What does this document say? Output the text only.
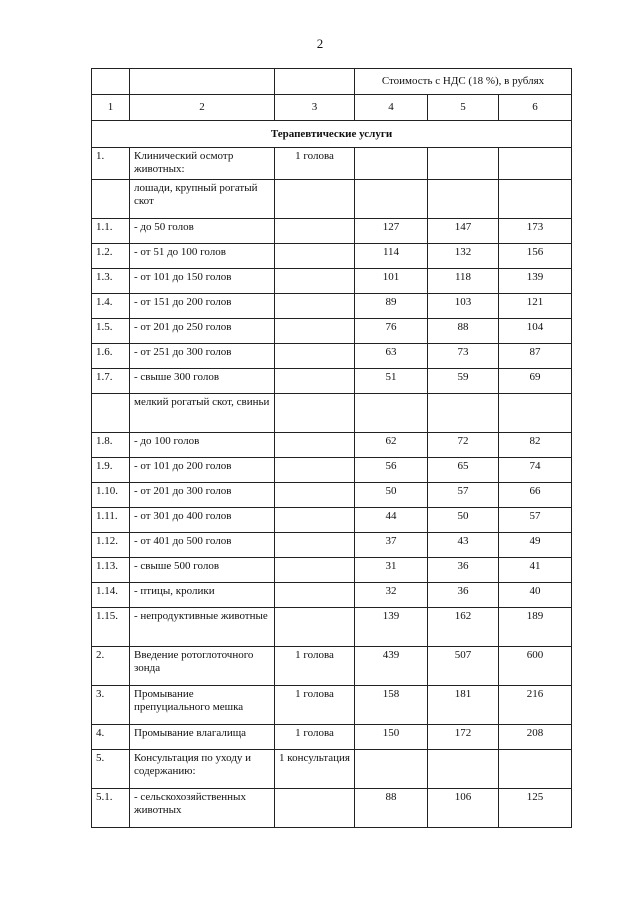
2
			Стоимость с НДС (18 %), в рублях		
1	2	3	4	5	6
Терапевтические услуги					
1.	Клинический осмотр животных:	1 голова			
	лошади, крупный рогатый скот				
1.1.	- до 50 голов		127	147	173
1.2.	- от 51 до 100 голов		114	132	156
1.3.	- от 101 до 150 голов		101	118	139
1.4.	- от 151 до 200 голов		89	103	121
1.5.	- от 201 до 250 голов		76	88	104
1.6.	- от 251 до 300 голов		63	73	87
1.7.	- свыше 300 голов		51	59	69
	мелкий рогатый скот, свиньи				
1.8.	- до 100 голов		62	72	82
1.9.	- от 101 до 200 голов		56	65	74
1.10.	- от 201 до 300 голов		50	57	66
1.11.	- от 301 до 400 голов		44	50	57
1.12.	- от 401 до 500 голов		37	43	49
1.13.	- свыше 500 голов		31	36	41
1.14.	- птицы, кролики		32	36	40
1.15.	- непродуктивные животные		139	162	189
2.	Введение ротоглоточного зонда	1 голова	439	507	600
3.	Промывание препуциального мешка	1 голова	158	181	216
4.	Промывание влагалища	1 голова	150	172	208
5.	Консультация по уходу и содержанию:	1 консультация			
5.1.	- сельскохозяйственных животных		88	106	125
